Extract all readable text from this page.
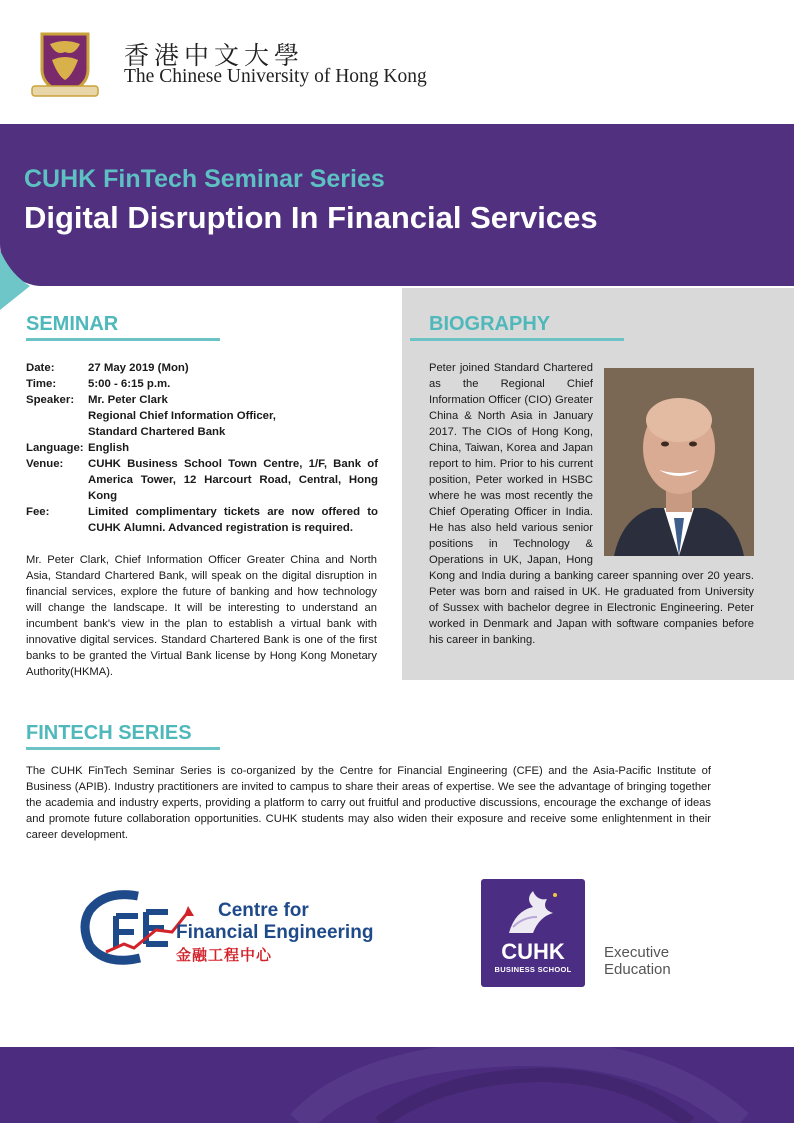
香港中文大學
The Chinese University of Hong Kong
CUHK FinTech Seminar Series
Digital Disruption In Financial Services
SEMINAR
Date:	27 May 2019 (Mon)
Time:	5:00 - 6:15 p.m.
Speaker:	Mr. Peter Clark
Regional Chief Information Officer,
Standard Chartered Bank
Language: English
Venue:	CUHK Business School Town Centre, 1/F, Bank of America Tower, 12 Harcourt Road, Central, Hong Kong
Fee:	Limited complimentary tickets are now offered to CUHK Alumni. Advanced registration is required.
Mr. Peter Clark, Chief Information Officer Greater China and North Asia, Standard Chartered Bank, will speak on the digital disruption in financial services, explore the future of banking and how technology will change the landscape. It will be interesting to understand an incumbent bank's view in the plan to establish a virtual bank with innovative digital services. Standard Chartered Bank is one of the first banks to be granted the Virtual Bank license by Hong Kong Monetary Authority(HKMA).
BIOGRAPHY
Peter joined Standard Chartered as the Regional Chief Information Officer (CIO) Greater China & North Asia in January 2017. The CIOs of Hong Kong, China, Taiwan, Korea and Japan report to him. Prior to his current position, Peter worked in HSBC where he was most recently the Chief Operating Officer in India. He has also held various senior positions in Technology & Operations in UK, Japan, Hong Kong and India during a banking career spanning over 20 years. Peter was born and raised in UK. He graduated from University of Sussex with bachelor degree in Electronic Engineering. Peter worked in Denmark and Japan with software companies before his career in banking.
FINTECH SERIES
The CUHK FinTech Seminar Series is co-organized by the Centre for Financial Engineering (CFE) and the Asia-Pacific Institute of Business (APIB). Industry practitioners are invited to campus to share their areas of expertise. We see the advantage of bringing together the academia and industry experts, providing a platform to carry out fruitful and productive discussions, encourage the exchange of ideas and promote future collaboration opportunities. CUHK students may also widen their exposure and receive some enlightenment in their career development.
Centre for
Financial Engineering
金融工程中心	CUHK
BUSINESS SCHOOL
Executive
Education
